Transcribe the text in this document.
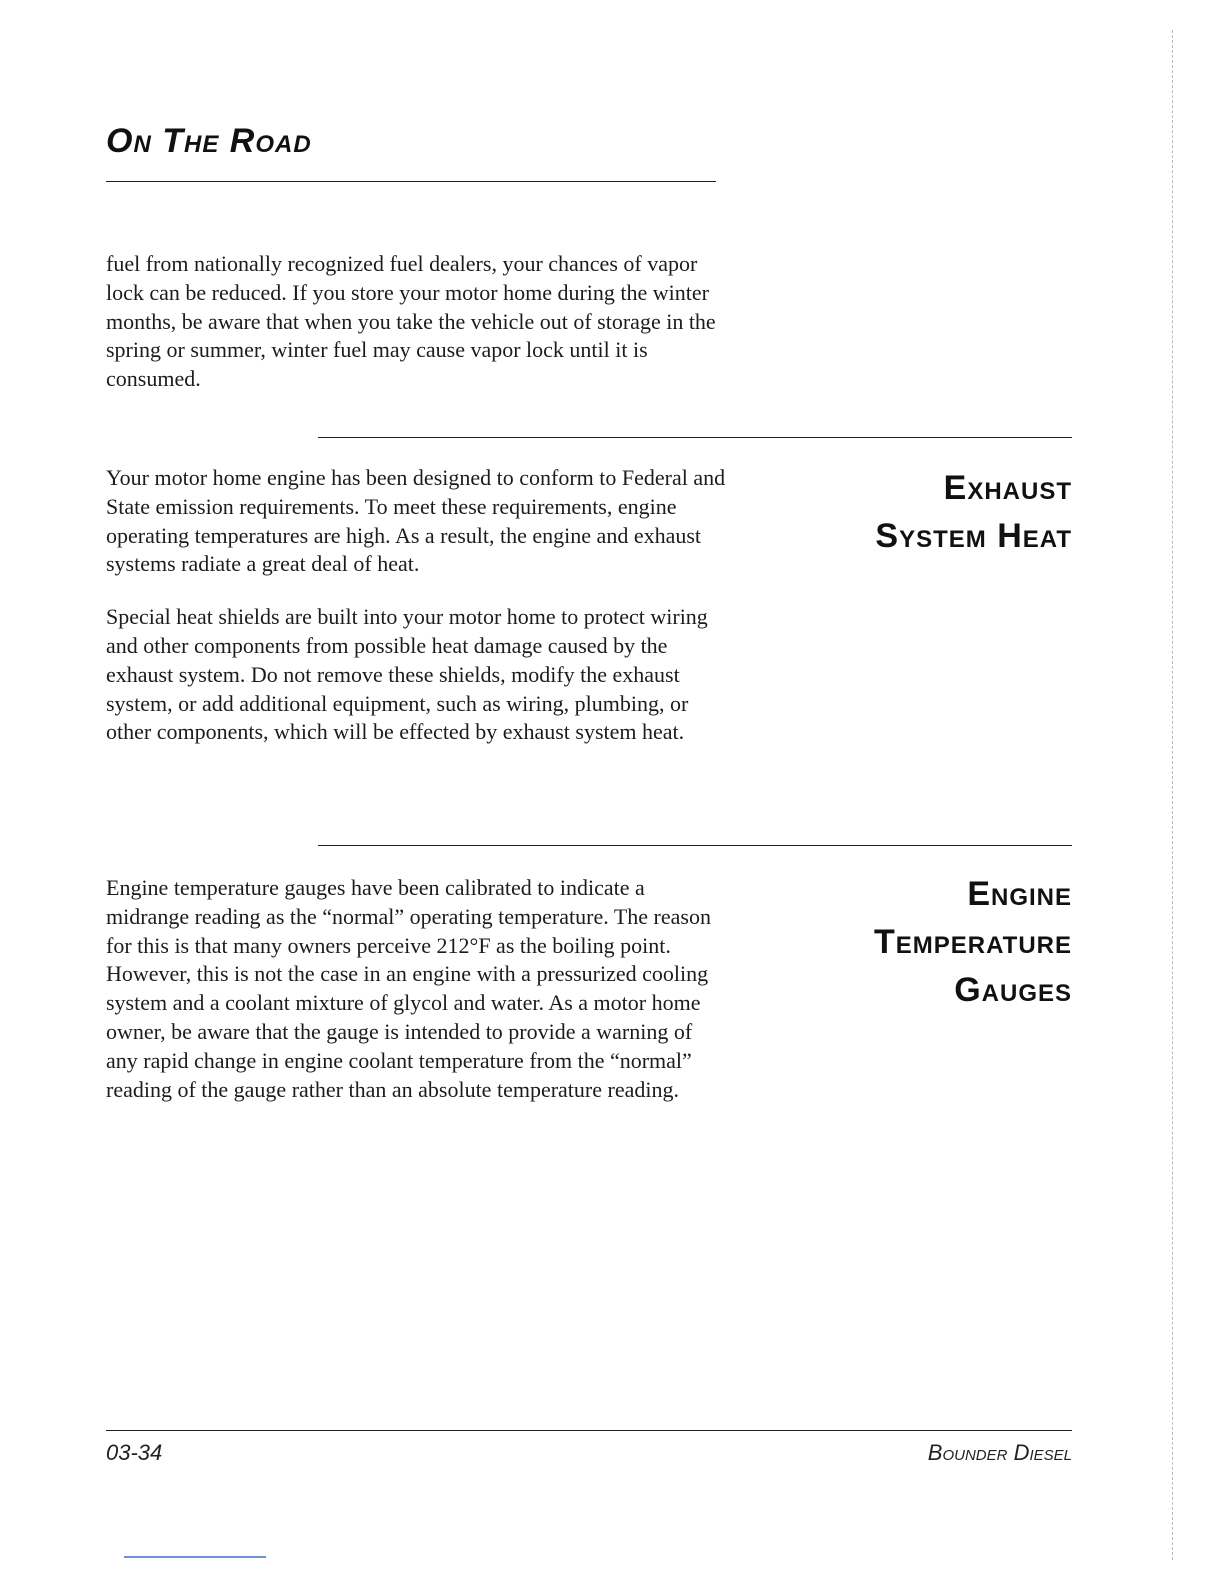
On The Road

fuel from nationally recognized fuel dealers, your chances of vapor lock can be reduced. If you store your motor home during the winter months, be aware that when you take the vehicle out of storage in the spring or summer, winter fuel may cause vapor lock until it is consumed.

Your motor home engine has been designed to conform to Federal and State emission requirements. To meet these requirements, engine operating temperatures are high. As a result, the engine and exhaust systems radiate a great deal of heat.

Special heat shields are built into your motor home to protect wiring and other components from possible heat damage caused by the exhaust system. Do not remove these shields, modify the exhaust system, or add additional equipment, such as wiring, plumbing, or other components, which will be effected by exhaust system heat.

Exhaust
System Heat

Engine temperature gauges have been calibrated to indicate a midrange reading as the “normal” operating temperature. The reason for this is that many owners perceive 212°F as the boiling point. However, this is not the case in an engine with a pressurized cooling system and a coolant mixture of glycol and water. As a motor home owner, be aware that the gauge is intended to provide a warning of any rapid change in engine coolant temperature from the “normal” reading of the gauge rather than an absolute temperature reading.

Engine
Temperature
Gauges
03-34	Bounder Diesel
